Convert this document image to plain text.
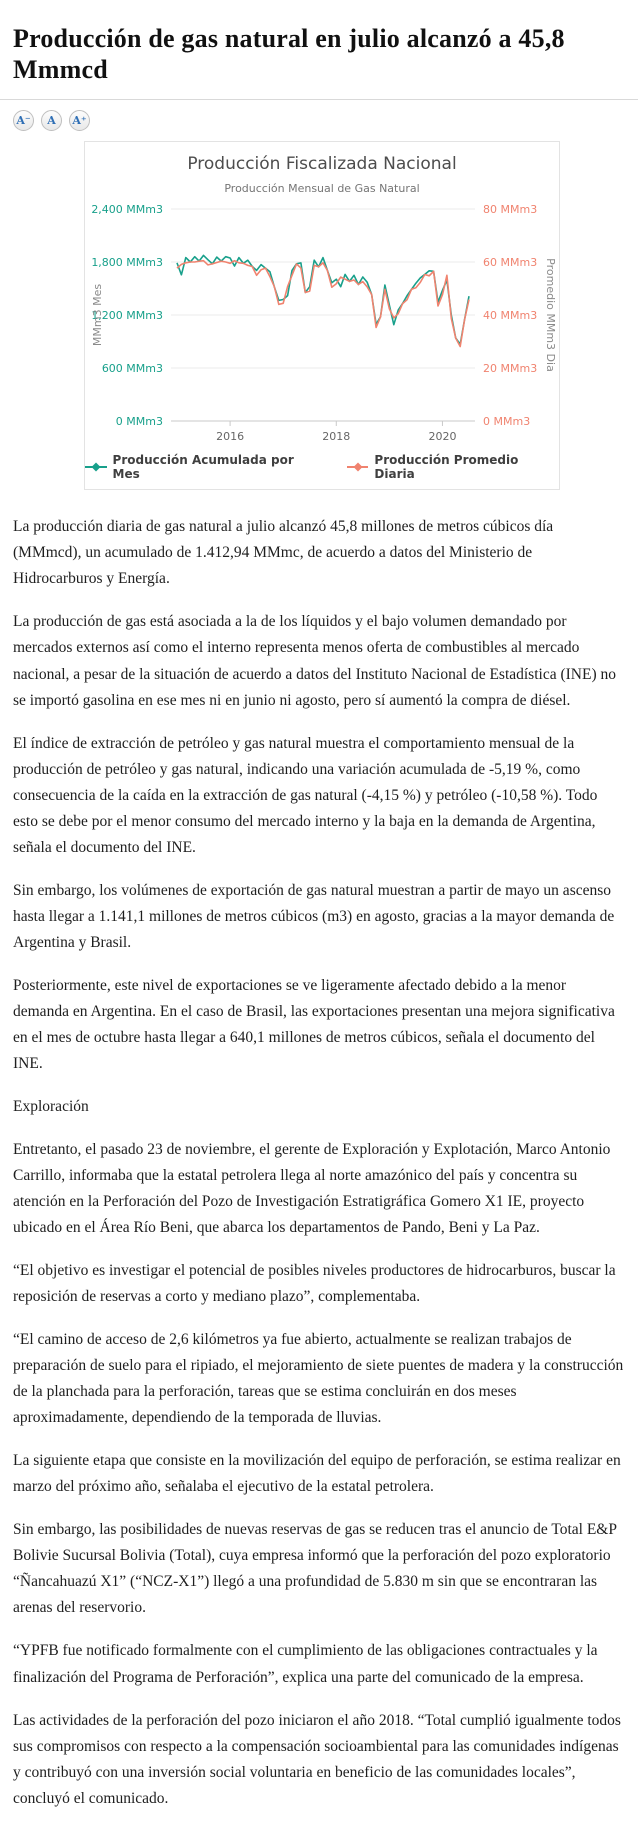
Producción de gas natural en julio alcanzó a 45,8 Mmmcd
A⁻	A	A⁺
Producción Fiscalizada Nacional
Producción Mensual de Gas Natural
0 MMm3	0 MMm3
600 MMm3	20 MMm3
1,200 MMm3	40 MMm3
1,800 MMm3	60 MMm3
2,400 MMm3	80 MMm3
2016	2018	2020
MMm3 Mes	Promedio MMm3 Dia
Producción Acumulada por Mes
Producción Promedio Diaria

La producción diaria de gas natural a julio alcanzó 45,8 millones de metros cúbicos día (MMmcd), un acumulado de 1.412,94 MMmc, de acuerdo a datos del Ministerio de Hidrocarburos y Energía.

La producción de gas está asociada a la de los líquidos y el bajo volumen demandado por mercados externos así como el interno representa menos oferta de combustibles al mercado nacional, a pesar de la situación de acuerdo a datos del Instituto Nacional de Estadística (INE) no se importó gasolina en ese mes ni en junio ni agosto, pero sí aumentó la compra de diésel.

El índice de extracción de petróleo y gas natural muestra el comportamiento mensual de la producción de petróleo y gas natural, indicando una variación acumulada de -5,19 %, como consecuencia de la caída en la extracción de gas natural (-4,15 %) y petróleo (-10,58 %). Todo esto se debe por el menor consumo del mercado interno y la baja en la demanda de Argentina, señala el documento del INE.

Sin embargo, los volúmenes de exportación de gas natural muestran a partir de mayo un ascenso hasta llegar a 1.141,1 millones de metros cúbicos (m3) en agosto, gracias a la mayor demanda de Argentina y Brasil.

Posteriormente, este nivel de exportaciones se ve ligeramente afectado debido a la menor demanda en Argentina. En el caso de Brasil, las exportaciones presentan una mejora significativa en el mes de octubre hasta llegar a 640,1 millones de metros cúbicos, señala el documento del INE.

Exploración

Entretanto, el pasado 23 de noviembre, el gerente de Exploración y Explotación, Marco Antonio Carrillo, informaba que la estatal petrolera llega al norte amazónico del país y concentra su atención en la Perforación del Pozo de Investigación Estratigráfica Gomero X1 IE, proyecto ubicado en el Área Río Beni, que abarca los departamentos de Pando, Beni y La Paz.

“El objetivo es investigar el potencial de posibles niveles productores de hidrocarburos, buscar la reposición de reservas a corto y mediano plazo”, complementaba.

“El camino de acceso de 2,6 kilómetros ya fue abierto, actualmente se realizan trabajos de preparación de suelo para el ripiado, el mejoramiento de siete puentes de madera y la construcción de la planchada para la perforación, tareas que se estima concluirán en dos meses aproximadamente, dependiendo de la temporada de lluvias.

La siguiente etapa que consiste en la movilización del equipo de perforación, se estima realizar en marzo del próximo año, señalaba el ejecutivo de la estatal petrolera.

Sin embargo, las posibilidades de nuevas reservas de gas se reducen tras el anuncio de Total E&P Bolivie Sucursal Bolivia (Total), cuya empresa informó que la perforación del pozo exploratorio “Ñancahuazú X1” (“NCZ-X1”) llegó a una profundidad de 5.830 m sin que se encontraran las arenas del reservorio.

“YPFB fue notificado formalmente con el cumplimiento de las obligaciones contractuales y la finalización del Programa de Perforación”, explica una parte del comunicado de la empresa.

Las actividades de la perforación del pozo iniciaron el año 2018. “Total cumplió igualmente todos sus compromisos con respecto a la compensación socioambiental para las comunidades indígenas y contribuyó con una inversión social voluntaria en beneficio de las comunidades locales”, concluyó el comunicado.
